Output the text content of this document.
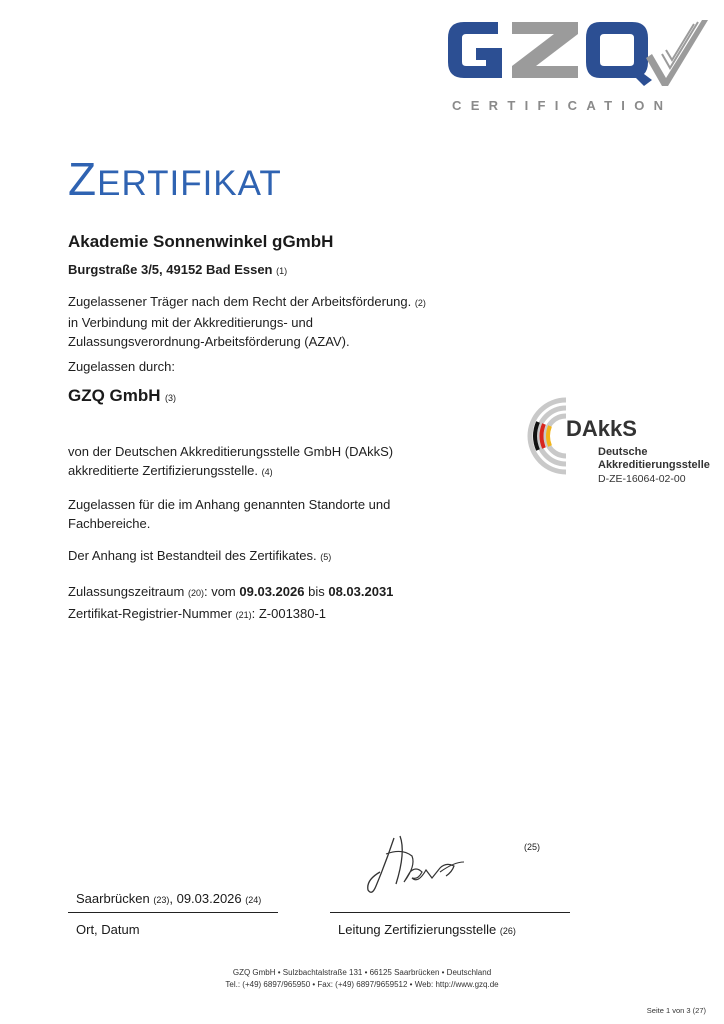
CERTIFICATION
ZERTIFIKAT
Akademie Sonnenwinkel gGmbH
Burgstraße 3/5, 49152 Bad Essen (1)
Zugelassener Träger nach dem Recht der Arbeitsförderung. (2)
in Verbindung mit der Akkreditierungs- und
Zulassungsverordnung-Arbeitsförderung (AZAV).
Zugelassen durch:
GZQ GmbH (3)
von der Deutschen Akkreditierungsstelle GmbH (DAkkS)
akkreditierte Zertifizierungsstelle. (4)
Zugelassen für die im Anhang genannten Standorte und
Fachbereiche.
Der Anhang ist Bestandteil des Zertifikates. (5)
Zulassungszeitraum (20): vom 09.03.2026 bis 08.03.2031
Zertifikat-Registrier-Nummer (21): Z-001380-1
DAkkS
Deutsche
Akkreditierungsstelle
D-ZE-16064-02-00
(25)
Saarbrücken (23), 09.03.2026 (24)
Ort, Datum	Leitung Zertifizierungsstelle (26)
GZQ GmbH • Sulzbachtalstraße 131 • 66125 Saarbrücken • Deutschland
Tel.: (+49) 6897/965950 • Fax: (+49) 6897/9659512 • Web: http://www.gzq.de
Seite 1 von 3 (27)
